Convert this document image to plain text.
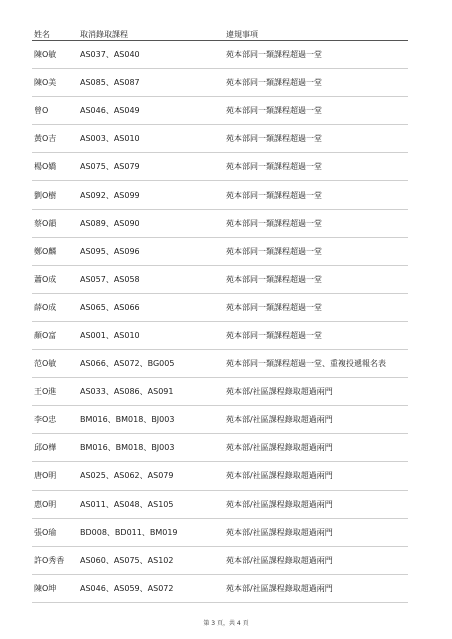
姓名	取消錄取課程	違規事項
陳O敏	AS037、AS040	苑本部同一類課程超過一堂
陳O美	AS085、AS087	苑本部同一類課程超過一堂
曾O	AS046、AS049	苑本部同一類課程超過一堂
黃O吉	AS003、AS010	苑本部同一類課程超過一堂
楊O嬌	AS075、AS079	苑本部同一類課程超過一堂
劉O樹	AS092、AS099	苑本部同一類課程超過一堂
蔡O韻	AS089、AS090	苑本部同一類課程超過一堂
鄭O麟	AS095、AS096	苑本部同一類課程超過一堂
蕭O成	AS057、AS058	苑本部同一類課程超過一堂
薛O成	AS065、AS066	苑本部同一類課程超過一堂
顏O富	AS001、AS010	苑本部同一類課程超過一堂
范O敏	AS066、AS072、BG005	苑本部同一類課程超過一堂、重複投遞報名表
王O進	AS033、AS086、AS091	苑本部/社區課程錄取超過兩門
李O忠	BM016、BM018、BJ003	苑本部/社區課程錄取超過兩門
邱O樺	BM016、BM018、BJ003	苑本部/社區課程錄取超過兩門
唐O明	AS025、AS062、AS079	苑本部/社區課程錄取超過兩門
惠O明	AS011、AS048、AS105	苑本部/社區課程錄取超過兩門
張O瑜	BD008、BD011、BM019	苑本部/社區課程錄取超過兩門
許O秀香	AS060、AS075、AS102	苑本部/社區課程錄取超過兩門
陳O坤	AS046、AS059、AS072	苑本部/社區課程錄取超過兩門
第 3 頁，共 4 頁
